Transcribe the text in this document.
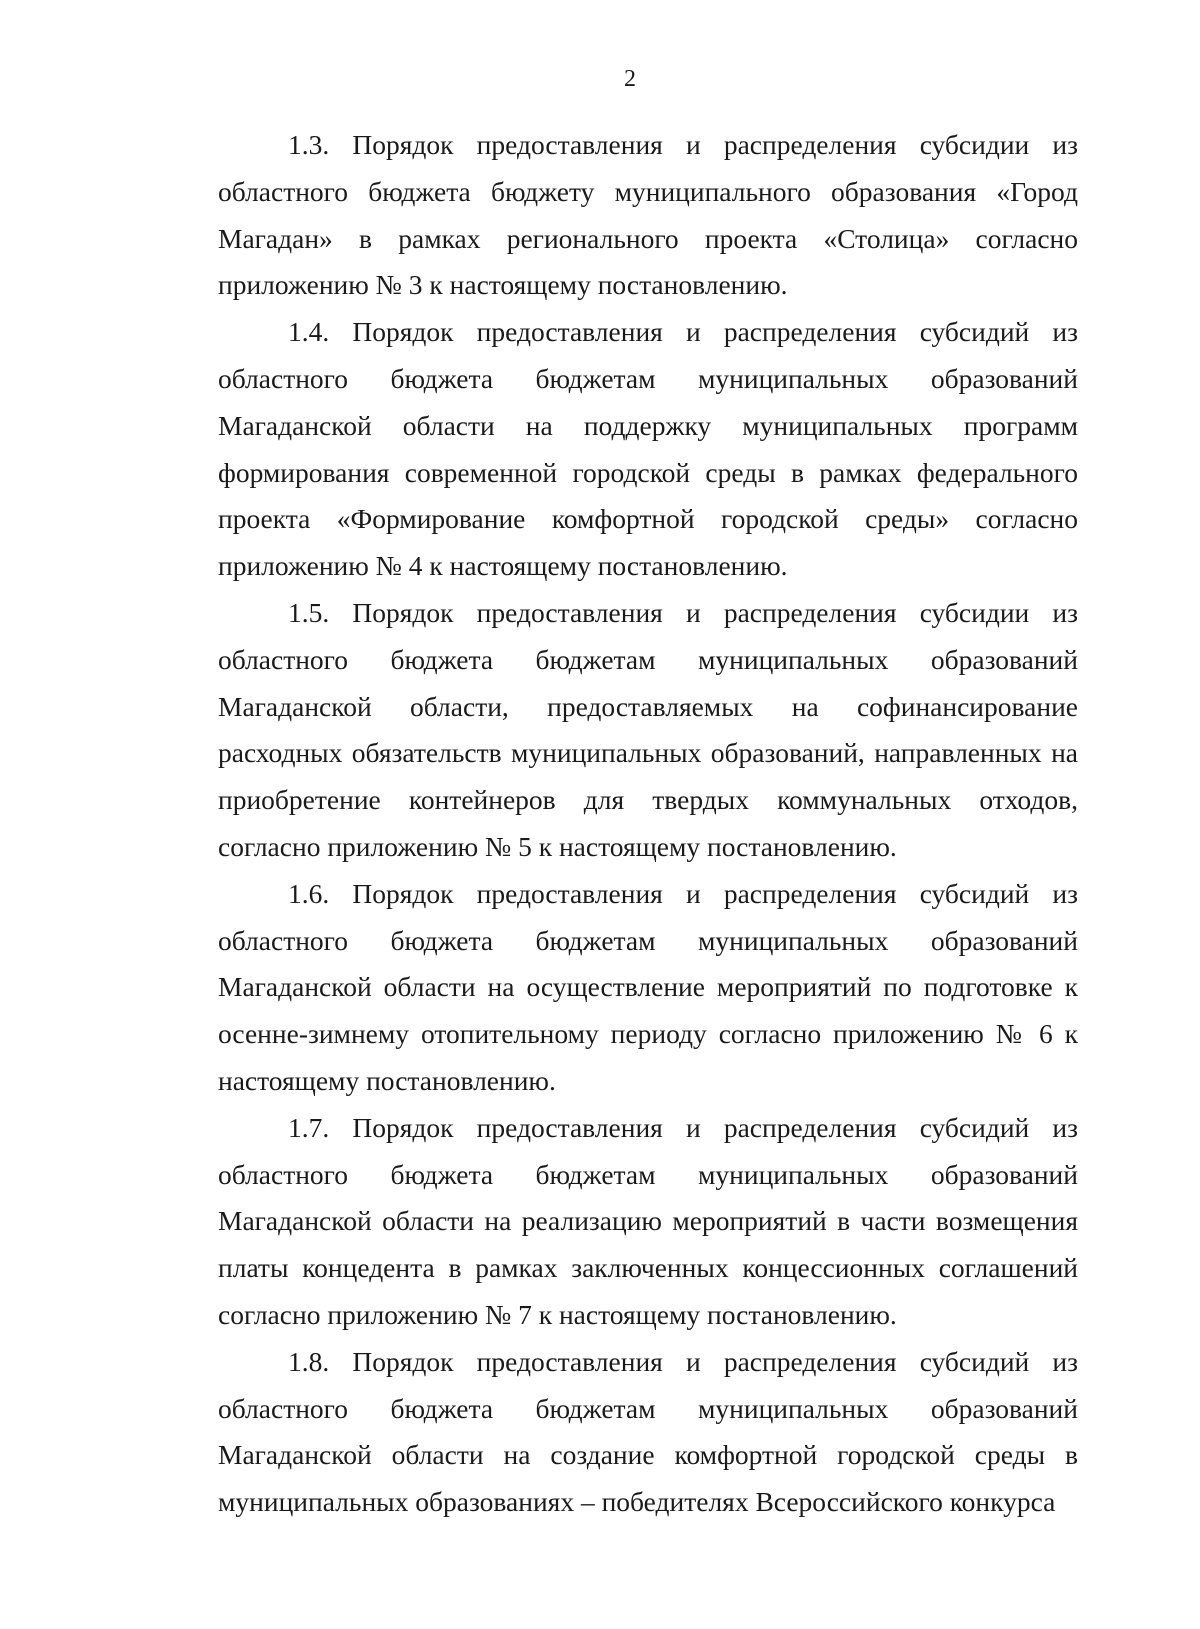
2

1.3. Порядок предоставления и распределения субсидии из областного бюджета бюджету муниципального образования «Город Магадан» в рамках регионального проекта «Столица» согласно приложению № 3 к настоящему постановлению.

1.4. Порядок предоставления и распределения субсидий из областного бюджета бюджетам муниципальных образований Магаданской области на поддержку муниципальных программ формирования современной городской среды в рамках федерального проекта «Формирование комфортной городской среды» согласно приложению № 4 к настоящему постановлению.

1.5. Порядок предоставления и распределения субсидии из областного бюджета бюджетам муниципальных образований Магаданской области, предоставляемых на софинансирование расходных обязательств муниципальных образований, направленных на приобретение контейнеров для твердых коммунальных отходов, согласно приложению № 5 к настоящему постановлению.

1.6. Порядок предоставления и распределения субсидий из областного бюджета бюджетам муниципальных образований Магаданской области на осуществление мероприятий по подготовке к осенне-зимнему отопительному периоду согласно приложению № 6 к настоящему постановлению.

1.7. Порядок предоставления и распределения субсидий из областного бюджета бюджетам муниципальных образований Магаданской области на реализацию мероприятий в части возмещения платы концедента в рамках заключенных концессионных соглашений согласно приложению № 7 к настоящему постановлению.

1.8. Порядок предоставления и распределения субсидий из областного бюджета бюджетам муниципальных образований Магаданской области на создание комфортной городской среды в муниципальных образованиях – победителях Всероссийского конкурса
